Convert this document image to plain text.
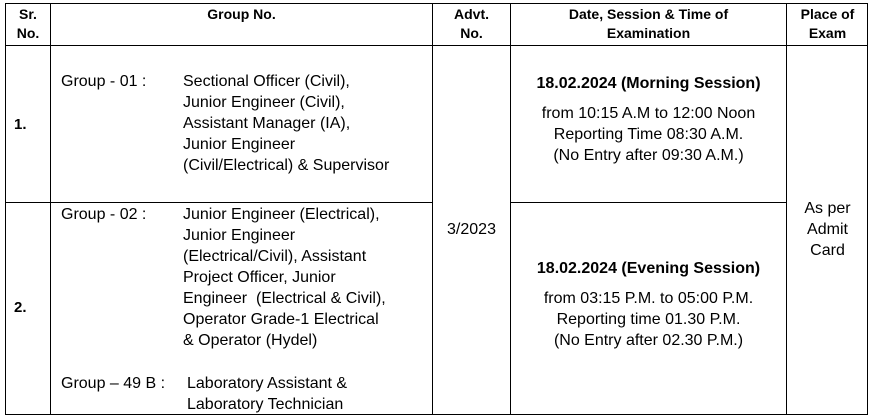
Sr.
No.
Group No.	Advt.
No.
Date, Session & Time of
Examination
Place of
Exam
1.
Group - 01 : Sectional Officer (Civil),
Junior Engineer (Civil),
Assistant Manager (IA),
Junior Engineer
(Civil/Electrical) & Supervisor
18.02.2024 (Morning Session)
from 10:15 A.M to 12:00 Noon
Reporting Time 08:30 A.M.
(No Entry after 09:30 A.M.)
2.
Group - 02 : Junior Engineer (Electrical),
Junior Engineer
(Electrical/Civil), Assistant
Project Officer, Junior
Engineer  (Electrical & Civil),
Operator Grade-1 Electrical
& Operator (Hydel)
Group – 49 B : Laboratory Assistant &
Laboratory Technician
18.02.2024 (Evening Session)
from 03:15 P.M. to 05:00 P.M.
Reporting time 01.30 P.M.
(No Entry after 02.30 P.M.)
3/2023
As per
Admit
Card
